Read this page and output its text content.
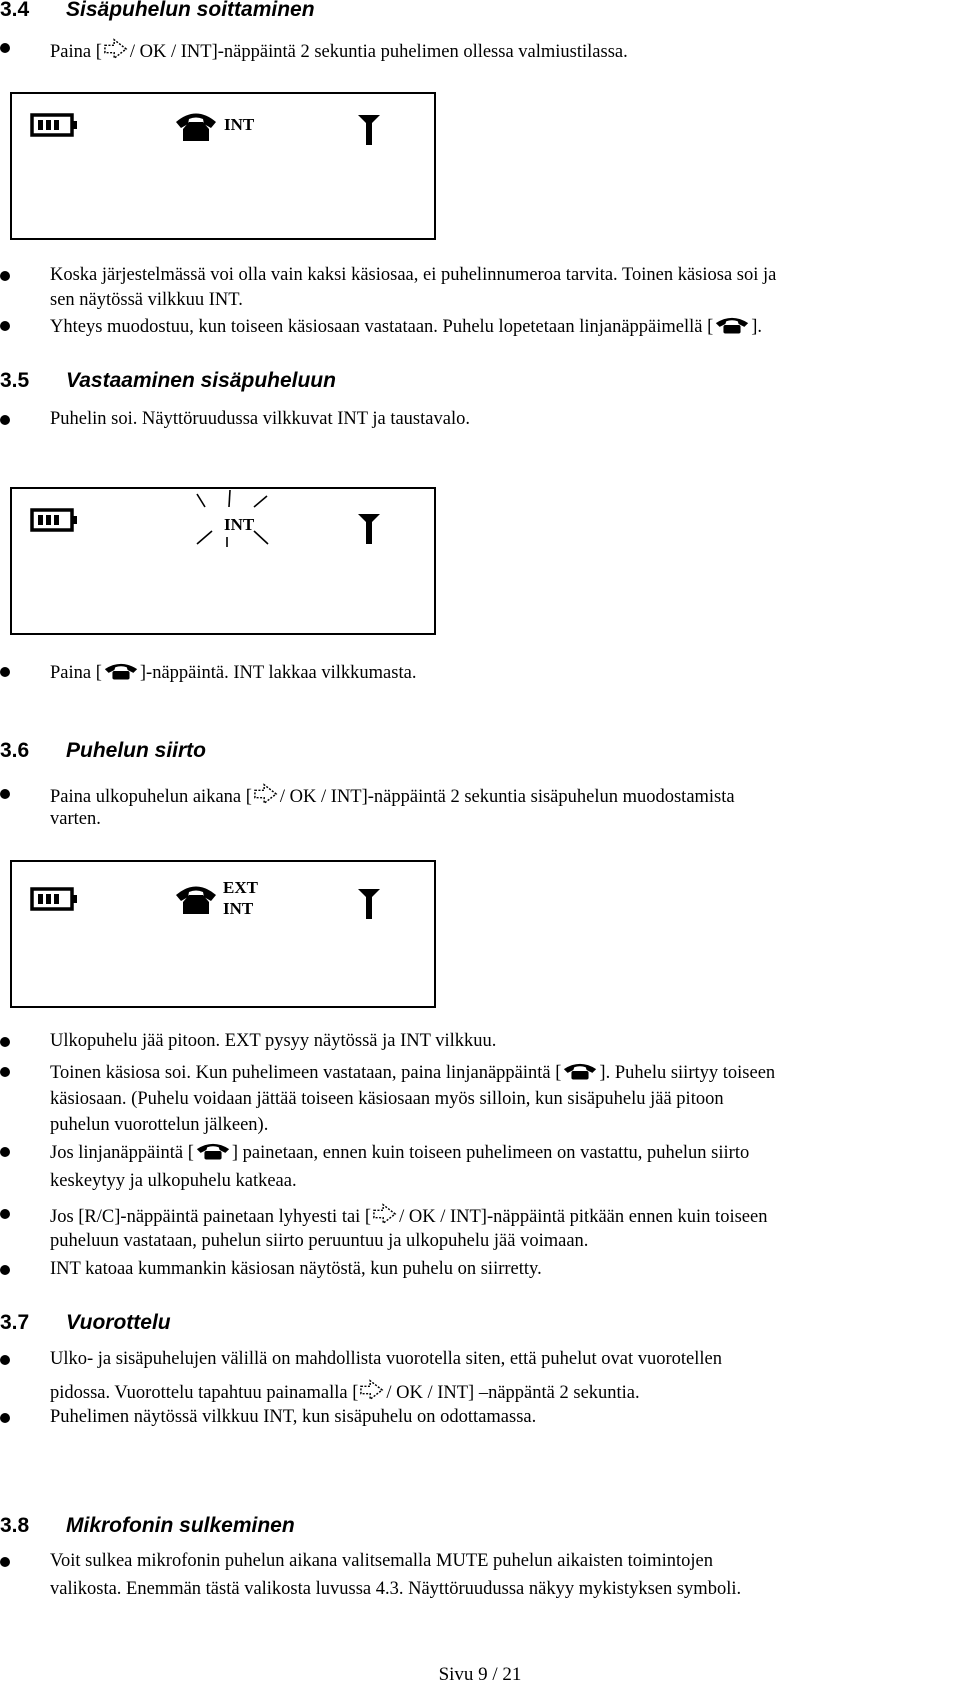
3.4 Sisäpuhelun soittaminen
Paina [ / OK / INT]-näppäintä 2 sekuntia puhelimen ollessa valmiustilassa.
INT
Koska järjestelmässä voi olla vain kaksi käsiosaa, ei puhelinnumeroa tarvita. Toinen käsiosa soi ja
sen näytössä vilkkuu INT.
Yhteys muodostuu, kun toiseen käsiosaan vastataan. Puhelu lopetetaan linjanäppäimellä [ ].
3.5 Vastaaminen sisäpuheluun
Puhelin soi. Näyttöruudussa vilkkuvat INT ja taustavalo.
INT
Paina [ ]-näppäintä. INT lakkaa vilkkumasta.
3.6 Puhelun siirto
Paina ulkopuhelun aikana [ / OK / INT]-näppäintä 2 sekuntia sisäpuhelun muodostamista
varten.
EXT
INT
Ulkopuhelu jää pitoon. EXT pysyy näytössä ja INT vilkkuu.
Toinen käsiosa soi. Kun puhelimeen vastataan, paina linjanäppäintä [ ]. Puhelu siirtyy toiseen
käsiosaan. (Puhelu voidaan jättää toiseen käsiosaan myös silloin, kun sisäpuhelu jää pitoon
puhelun vuorottelun jälkeen).
Jos linjanäppäintä [ ] painetaan, ennen kuin toiseen puhelimeen on vastattu, puhelun siirto
keskeytyy ja ulkopuhelu katkeaa.
Jos [R/C]-näppäintä painetaan lyhyesti tai [ / OK / INT]-näppäintä pitkään ennen kuin toiseen
puheluun vastataan, puhelun siirto peruuntuu ja ulkopuhelu jää voimaan.
INT katoaa kummankin käsiosan näytöstä, kun puhelu on siirretty.
3.7 Vuorottelu
Ulko- ja sisäpuhelujen välillä on mahdollista vuorotella siten, että puhelut ovat vuorotellen
pidossa. Vuorottelu tapahtuu painamalla [ / OK / INT] –näppäntä 2 sekuntia.
Puhelimen näytössä vilkkuu INT, kun sisäpuhelu on odottamassa.
3.8 Mikrofonin sulkeminen
Voit sulkea mikrofonin puhelun aikana valitsemalla MUTE puhelun aikaisten toimintojen
valikosta. Enemmän tästä valikosta luvussa 4.3. Näyttöruudussa näkyy mykistyksen symboli.
Sivu 9 / 21
